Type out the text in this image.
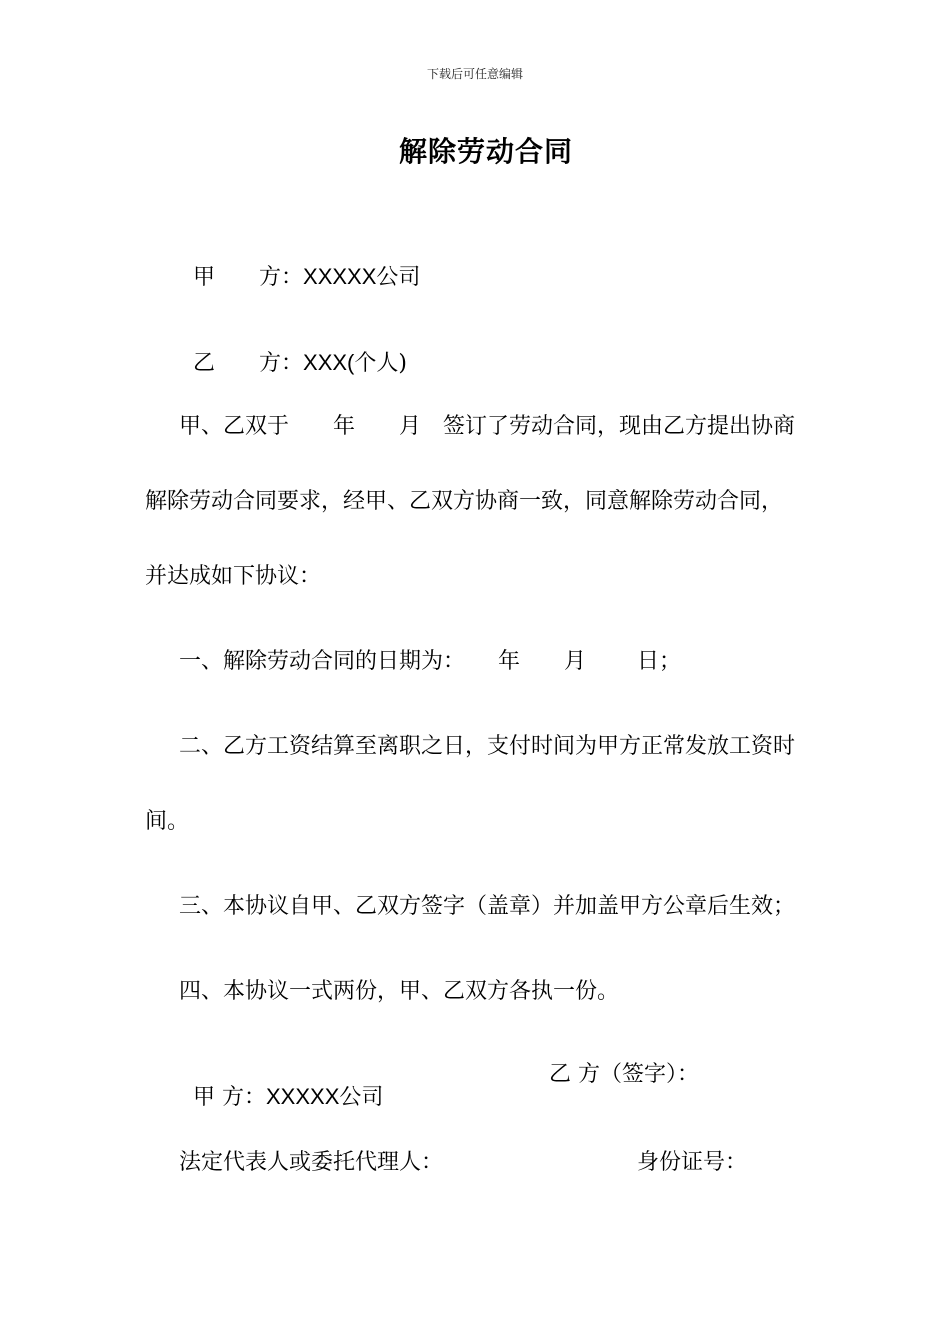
下载后可任意编辑
解除劳动合同

甲　　方：XXXXX公司

乙　　方：XXX(个人)

甲、乙双于　　年　　月　签订了劳动合同，现由乙方提出协商
解除劳动合同要求，经甲、乙双方协商一致，同意解除劳动合同，
并达成如下协议：
一、解除劳动合同的日期为：　　年　　月　　 日；
二、乙方工资结算至离职之日，支付时间为甲方正常发放工资时
间。
三、本协议自甲、乙双方签字（盖章）并加盖甲方公章后生效；
四、本协议一式两份，甲、乙双方各执一份。

甲 方：XXXXX公司

乙 方（签字）：
法定代表人或委托代理人：	身份证号：
